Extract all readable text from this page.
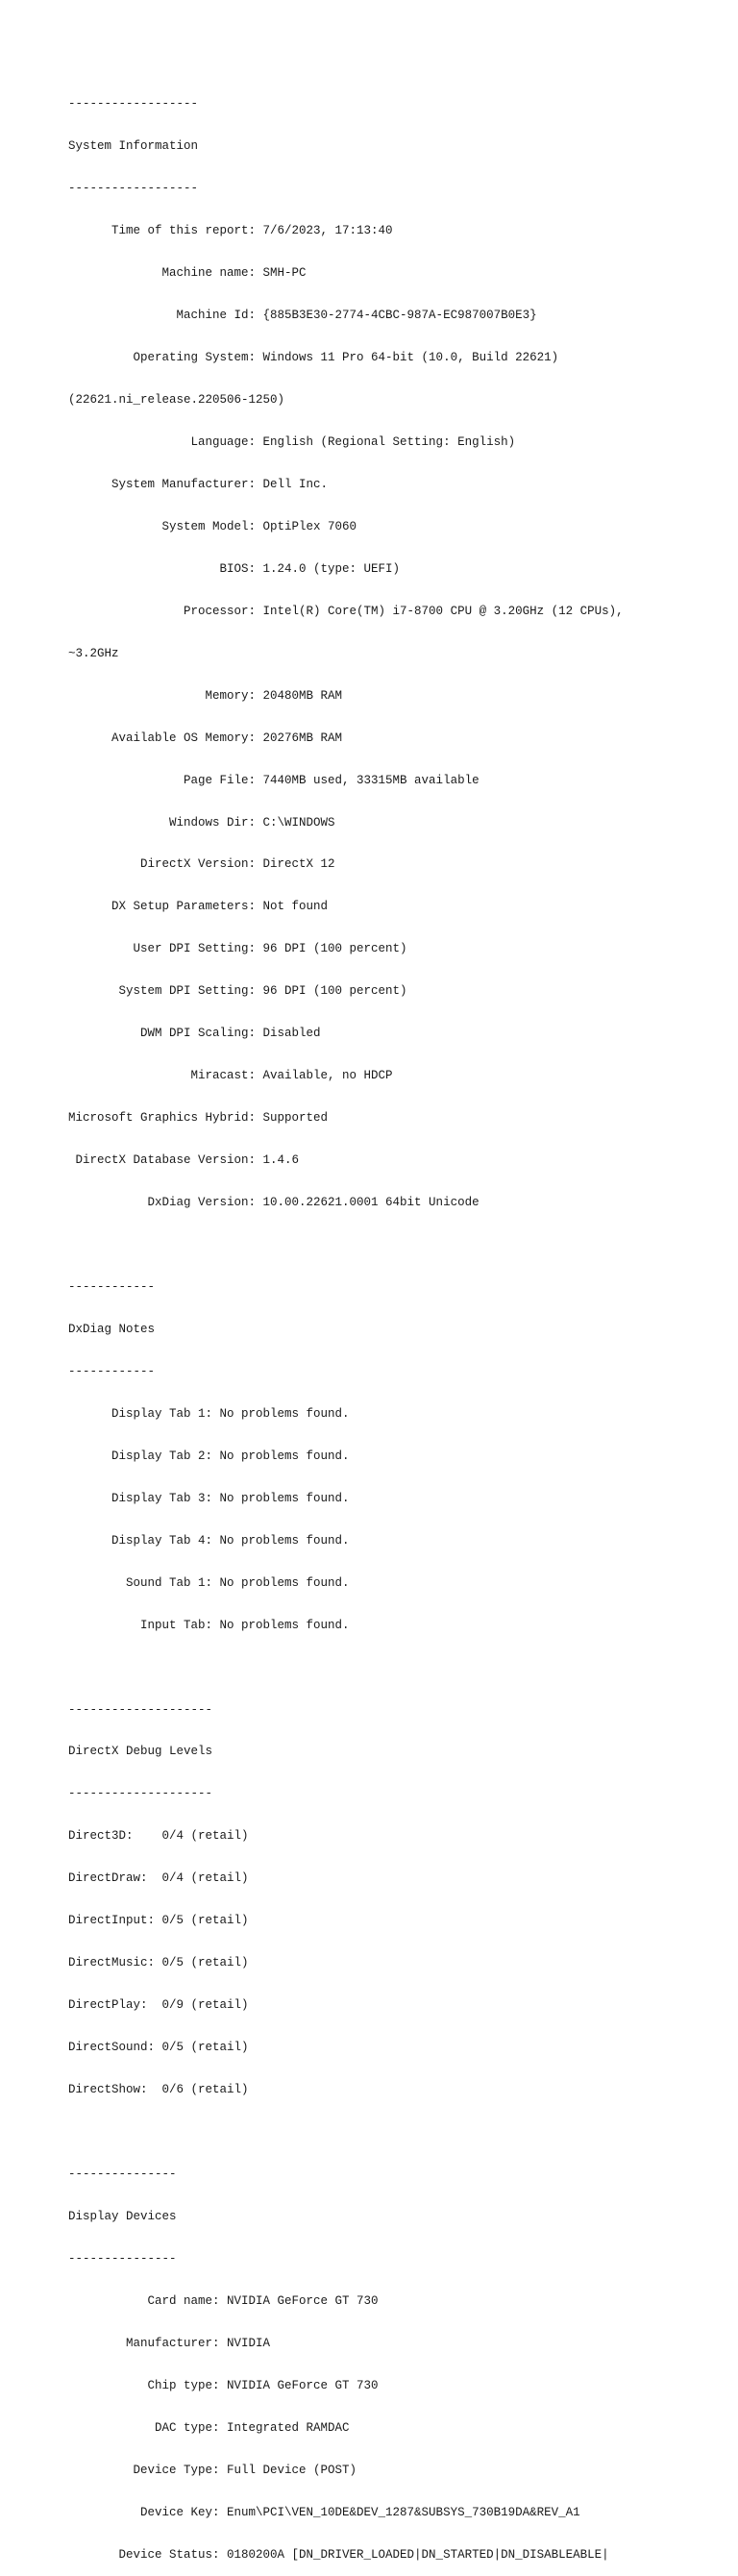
------------------

System Information

------------------

Time of this report: 7/6/2023, 17:13:40

Machine name: SMH-PC

Machine Id: {885B3E30-2774-4CBC-987A-EC987007B0E3}

Operating System: Windows 11 Pro 64-bit (10.0, Build 22621)

(22621.ni_release.220506-1250)

Language: English (Regional Setting: English)

System Manufacturer: Dell Inc.

System Model: OptiPlex 7060

BIOS: 1.24.0 (type: UEFI)

Processor: Intel(R) Core(TM) i7-8700 CPU @ 3.20GHz (12 CPUs),

~3.2GHz

Memory: 20480MB RAM

Available OS Memory: 20276MB RAM

Page File: 7440MB used, 33315MB available

Windows Dir: C:\WINDOWS

DirectX Version: DirectX 12

DX Setup Parameters: Not found

User DPI Setting: 96 DPI (100 percent)

System DPI Setting: 96 DPI (100 percent)

DWM DPI Scaling: Disabled

Miracast: Available, no HDCP

Microsoft Graphics Hybrid: Supported

DirectX Database Version: 1.4.6

DxDiag Version: 10.00.22621.0001 64bit Unicode

------------

DxDiag Notes

------------

Display Tab 1: No problems found.

Display Tab 2: No problems found.

Display Tab 3: No problems found.

Display Tab 4: No problems found.

Sound Tab 1: No problems found.

Input Tab: No problems found.

--------------------

DirectX Debug Levels

--------------------

Direct3D:    0/4 (retail)

DirectDraw:  0/4 (retail)

DirectInput: 0/5 (retail)

DirectMusic: 0/5 (retail)

DirectPlay:  0/9 (retail)

DirectSound: 0/5 (retail)

DirectShow:  0/6 (retail)

---------------

Display Devices

---------------

Card name: NVIDIA GeForce GT 730

Manufacturer: NVIDIA

Chip type: NVIDIA GeForce GT 730

DAC type: Integrated RAMDAC

Device Type: Full Device (POST)

Device Key: Enum\PCI\VEN_10DE&DEV_1287&SUBSYS_730B19DA&REV_A1

Device Status: 0180200A [DN_DRIVER_LOADED|DN_STARTED|DN_DISABLEABLE|
